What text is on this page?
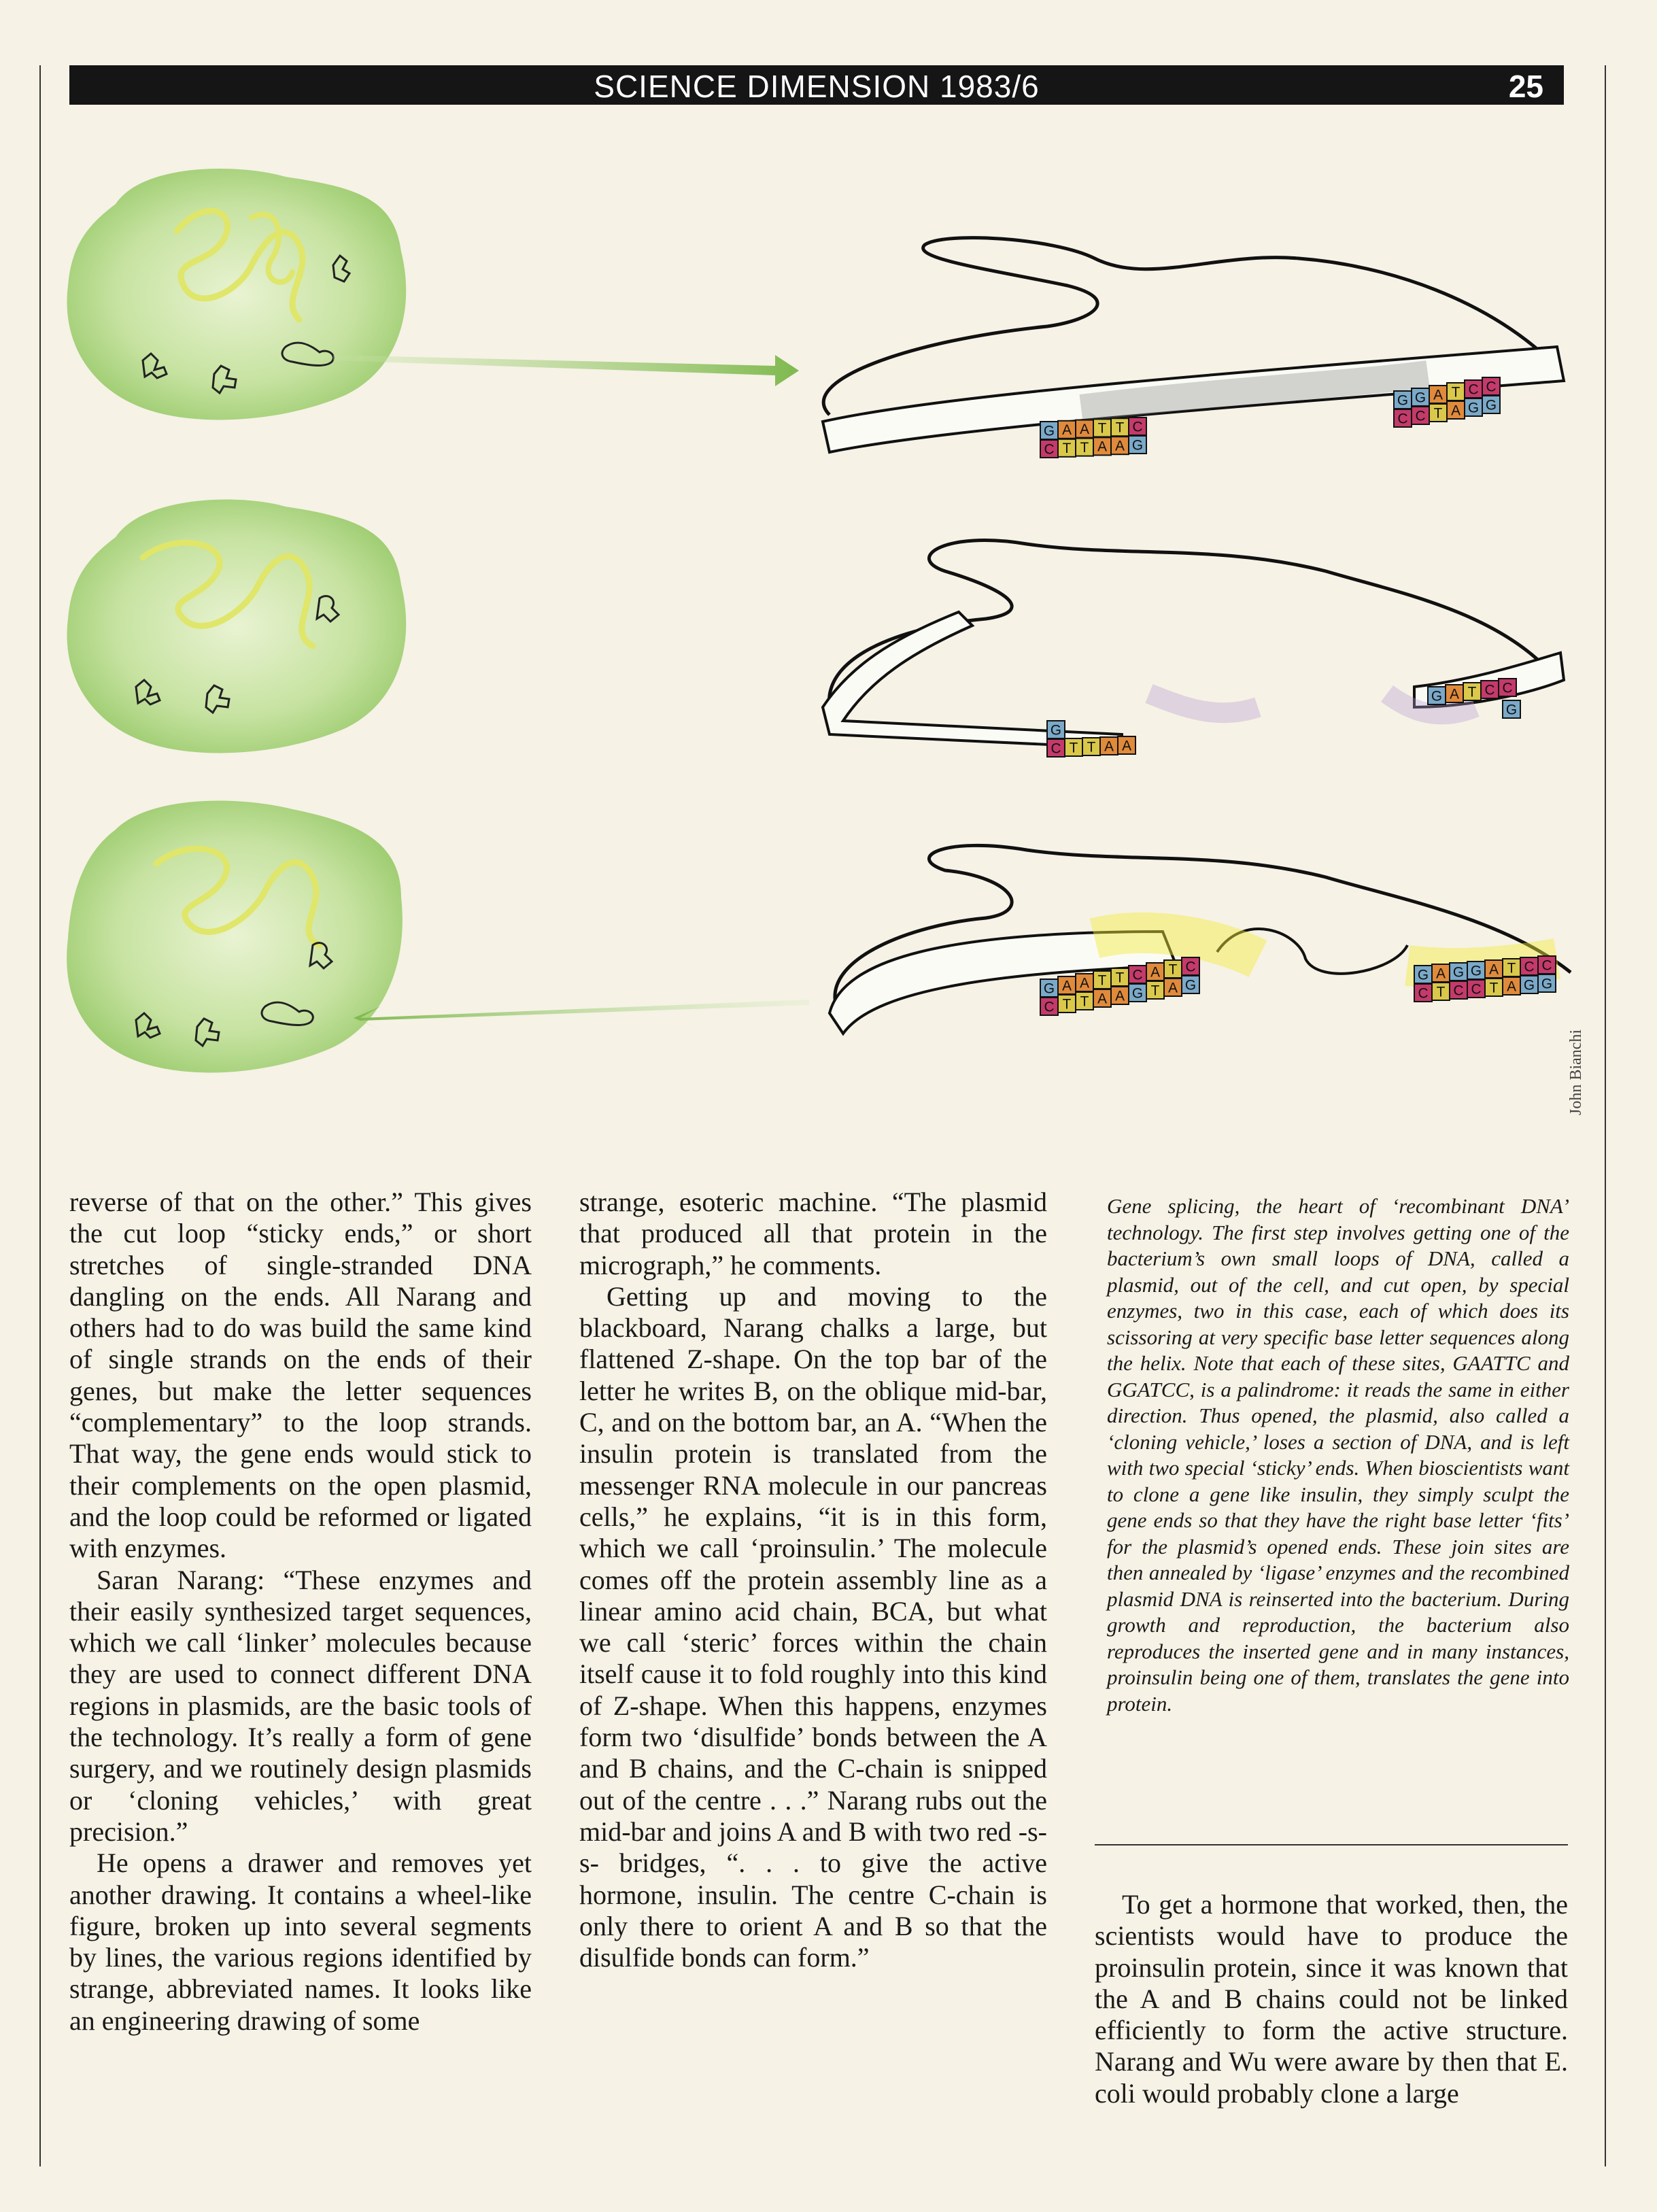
SCIENCE DIMENSION 1983/6	25
G A A T T C
C T T A A G
G G A T C C
C C T A G G
G
C T T A A
G A T C C
G
G A A T T C A T C
C T T A A G T A G
G A G G A T C C
C T C C T A G G
John Bianchi

reverse of that on the other.” This gives the cut loop “sticky ends,” or short stretches of single-stranded DNA dangling on the ends. All Narang and others had to do was build the same kind of single strands on the ends of their genes, but make the letter sequences “complementary” to the loop strands. That way, the gene ends would stick to their complements on the open plasmid, and the loop could be reformed or ligated with enzymes.

Saran Narang: “These enzymes and their easily synthesized target sequences, which we call ‘linker’ molecules because they are used to connect different DNA regions in plasmids, are the basic tools of the technology. It’s really a form of gene surgery, and we routinely design plasmids or ‘cloning vehicles,’ with great precision.”

He opens a drawer and removes yet another drawing. It contains a wheel-like figure, broken up into several segments by lines, the various regions identified by strange, abbreviated names. It looks like an engineering drawing of some

strange, esoteric machine. “The plasmid that produced all that protein in the micrograph,” he comments.

Getting up and moving to the blackboard, Narang chalks a large, but flattened Z-shape. On the top bar of the letter he writes B, on the oblique mid-bar, C, and on the bottom bar, an A. “When the insulin protein is translated from the messenger RNA molecule in our pancreas cells,” he explains, “it is in this form, which we call ‘proinsulin.’ The molecule comes off the protein assembly line as a linear amino acid chain, BCA, but what we call ‘steric’ forces within the chain itself cause it to fold roughly into this kind of Z-shape. When this happens, enzymes form two ‘disulfide’ bonds between the A and B chains, and the C-chain is snipped out of the centre . . .” Narang rubs out the mid-bar and joins A and B with two red -s-s- bridges, “. . . to give the active hormone, insulin. The centre C-chain is only there to orient A and B so that the disulfide bonds can form.”

Gene splicing, the heart of ‘recombinant DNA’ technology. The first step involves getting one of the bacterium’s own small loops of DNA, called a plasmid, out of the cell, and cut open, by special enzymes, two in this case, each of which does its scissoring at very specific base letter sequences along the helix. Note that each of these sites, GAATTC and GGATCC, is a palindrome: it reads the same in either direction. Thus opened, the plasmid, also called a ‘cloning vehicle,’ loses a section of DNA, and is left with two special ‘sticky’ ends. When bioscientists want to clone a gene like insulin, they simply sculpt the gene ends so that they have the right base letter ‘fits’ for the plasmid’s opened ends. These join sites are then annealed by ‘ligase’ enzymes and the recombined plasmid DNA is reinserted into the bacterium. During growth and reproduction, the bacterium also reproduces the inserted gene and in many instances, proinsulin being one of them, translates the gene into protein.

To get a hormone that worked, then, the scientists would have to produce the proinsulin protein, since it was known that the A and B chains could not be linked efficiently to form the active structure. Narang and Wu were aware by then that E. coli would probably clone a large
